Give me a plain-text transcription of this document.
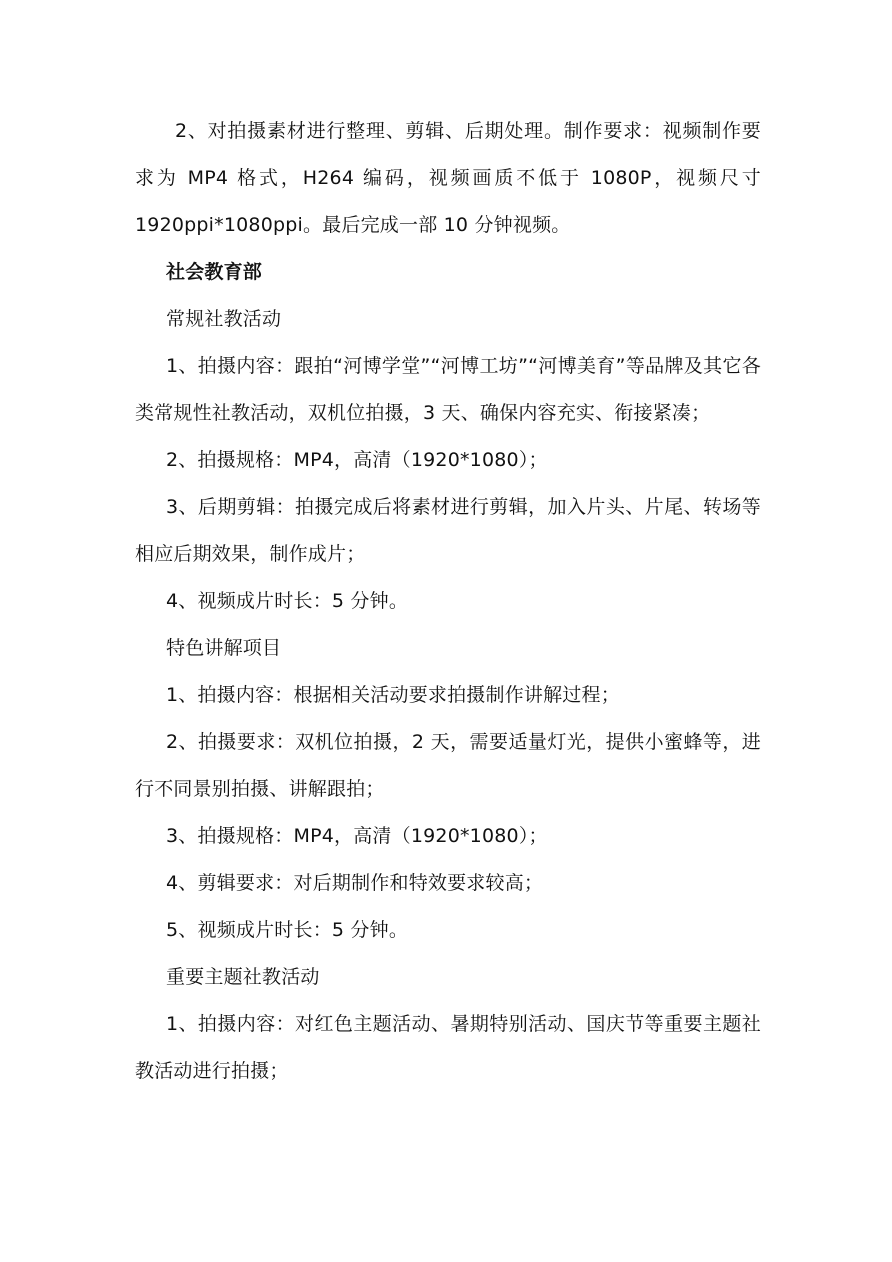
2、对拍摄素材进行整理、剪辑、后期处理。制作要求：视频制作要求为 MP4 格式，H264 编码，视频画质不低于 1080P，视频尺寸1920ppi*1080ppi。最后完成一部 10 分钟视频。

社会教育部

常规社教活动

1、拍摄内容：跟拍“河博学堂”“河博工坊”“河博美育”等品牌及其它各类常规性社教活动，双机位拍摄，3 天、确保内容充实、衔接紧凑；

2、拍摄规格：MP4，高清（1920*1080）；

3、后期剪辑：拍摄完成后将素材进行剪辑，加入片头、片尾、转场等相应后期效果，制作成片；

4、视频成片时长：5 分钟。

特色讲解项目

1、拍摄内容：根据相关活动要求拍摄制作讲解过程；

2、拍摄要求：双机位拍摄，2 天，需要适量灯光，提供小蜜蜂等，进行不同景别拍摄、讲解跟拍；

3、拍摄规格：MP4，高清（1920*1080）；

4、剪辑要求：对后期制作和特效要求较高；

5、视频成片时长：5 分钟。

重要主题社教活动

1、拍摄内容：对红色主题活动、暑期特别活动、国庆节等重要主题社教活动进行拍摄；
